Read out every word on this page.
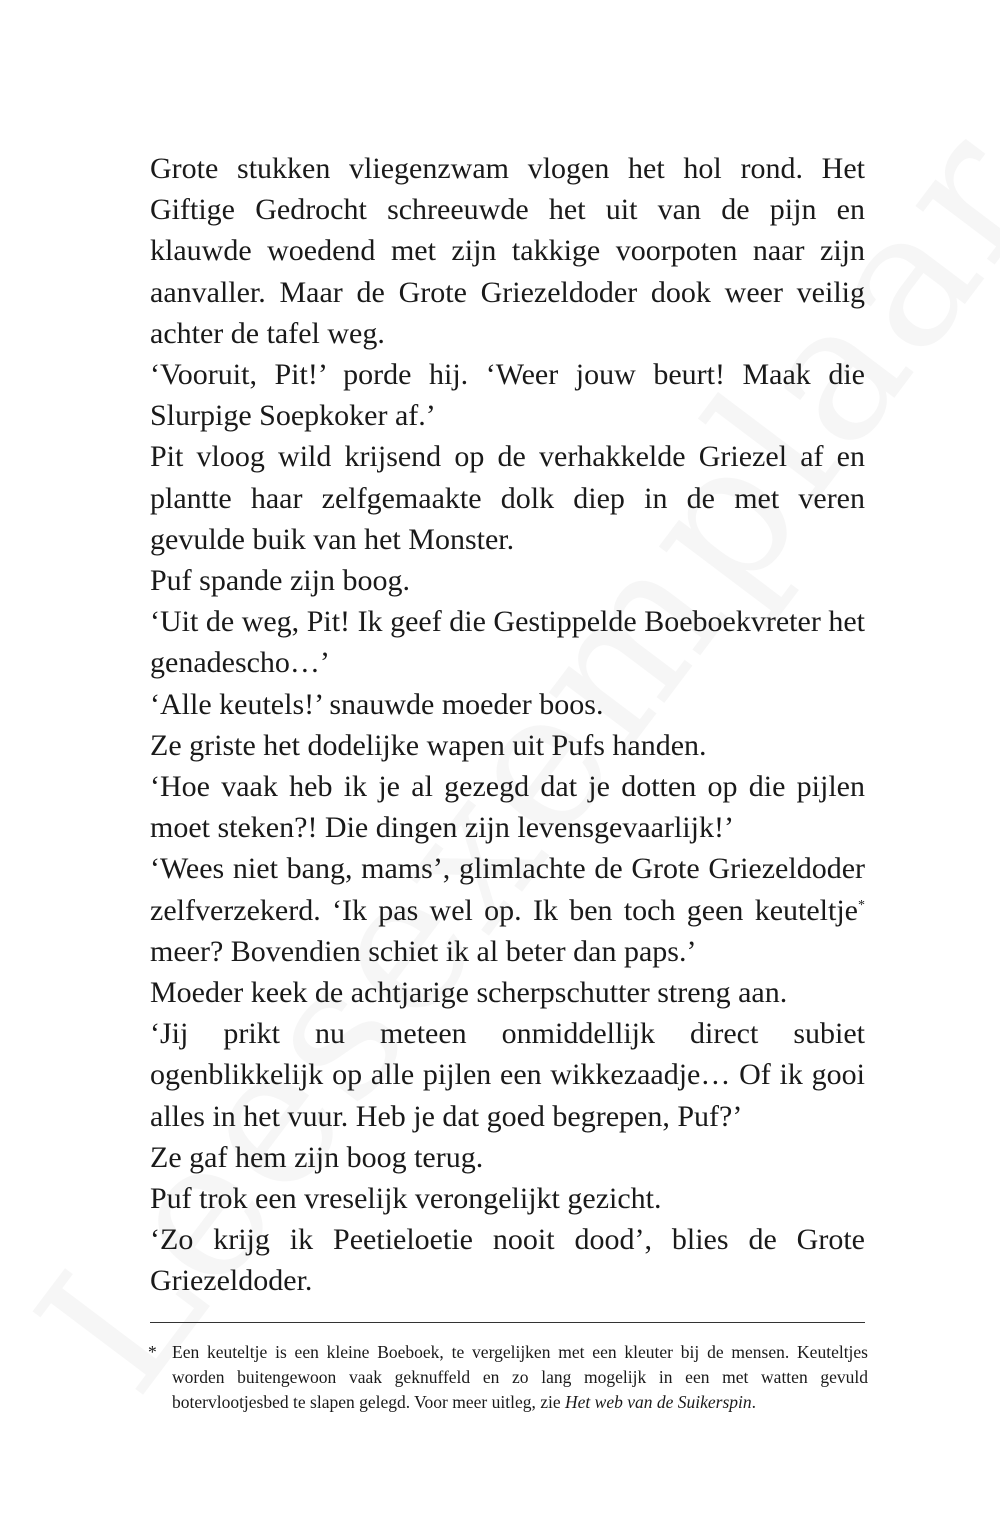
Grote stukken vliegenzwam vlogen het hol rond. Het Giftige Gedrocht schreeuwde het uit van de pijn en klauwde woedend met zijn takkige voorpoten naar zijn aanvaller. Maar de Grote Griezeldoder dook weer veilig achter de tafel weg.

‘Vooruit, Pit!’ porde hij. ‘Weer jouw beurt! Maak die Slurpige Soepkoker af.’

Pit vloog wild krijsend op de verhakkelde Griezel af en plantte haar zelfgemaakte dolk diep in de met veren gevulde buik van het Monster.

Puf spande zijn boog.

‘Uit de weg, Pit! Ik geef die Gestippelde Boeboekvreter het genadescho…’

‘Alle keutels!’ snauwde moeder boos.

Ze griste het dodelijke wapen uit Pufs handen.

‘Hoe vaak heb ik je al gezegd dat je dotten op die pijlen moet steken?! Die dingen zijn levensgevaarlijk!’

‘Wees niet bang, mams’, glimlachte de Grote Griezeldoder zelfverzekerd. ‘Ik pas wel op. Ik ben toch geen keuteltje* meer? Bovendien schiet ik al beter dan paps.’

Moeder keek de achtjarige scherpschutter streng aan.

‘Jij prikt nu meteen onmiddellijk direct subiet ogenblikkelijk op alle pijlen een wikkezaadje… Of ik gooi alles in het vuur. Heb je dat goed begrepen, Puf?’

Ze gaf hem zijn boog terug.

Puf trok een vreselijk verongelijkt gezicht.

‘Zo krijg ik Peetieloetie nooit dood’, blies de Grote Griezeldoder.

* Een keuteltje is een kleine Boeboek, te vergelijken met een kleuter bij de mensen. Keuteltjes worden buitengewoon vaak geknuffeld en zo lang mogelijk in een met watten gevuld botervlootjesbed te slapen gelegd. Voor meer uitleg, zie Het web van de Suikerspin.
